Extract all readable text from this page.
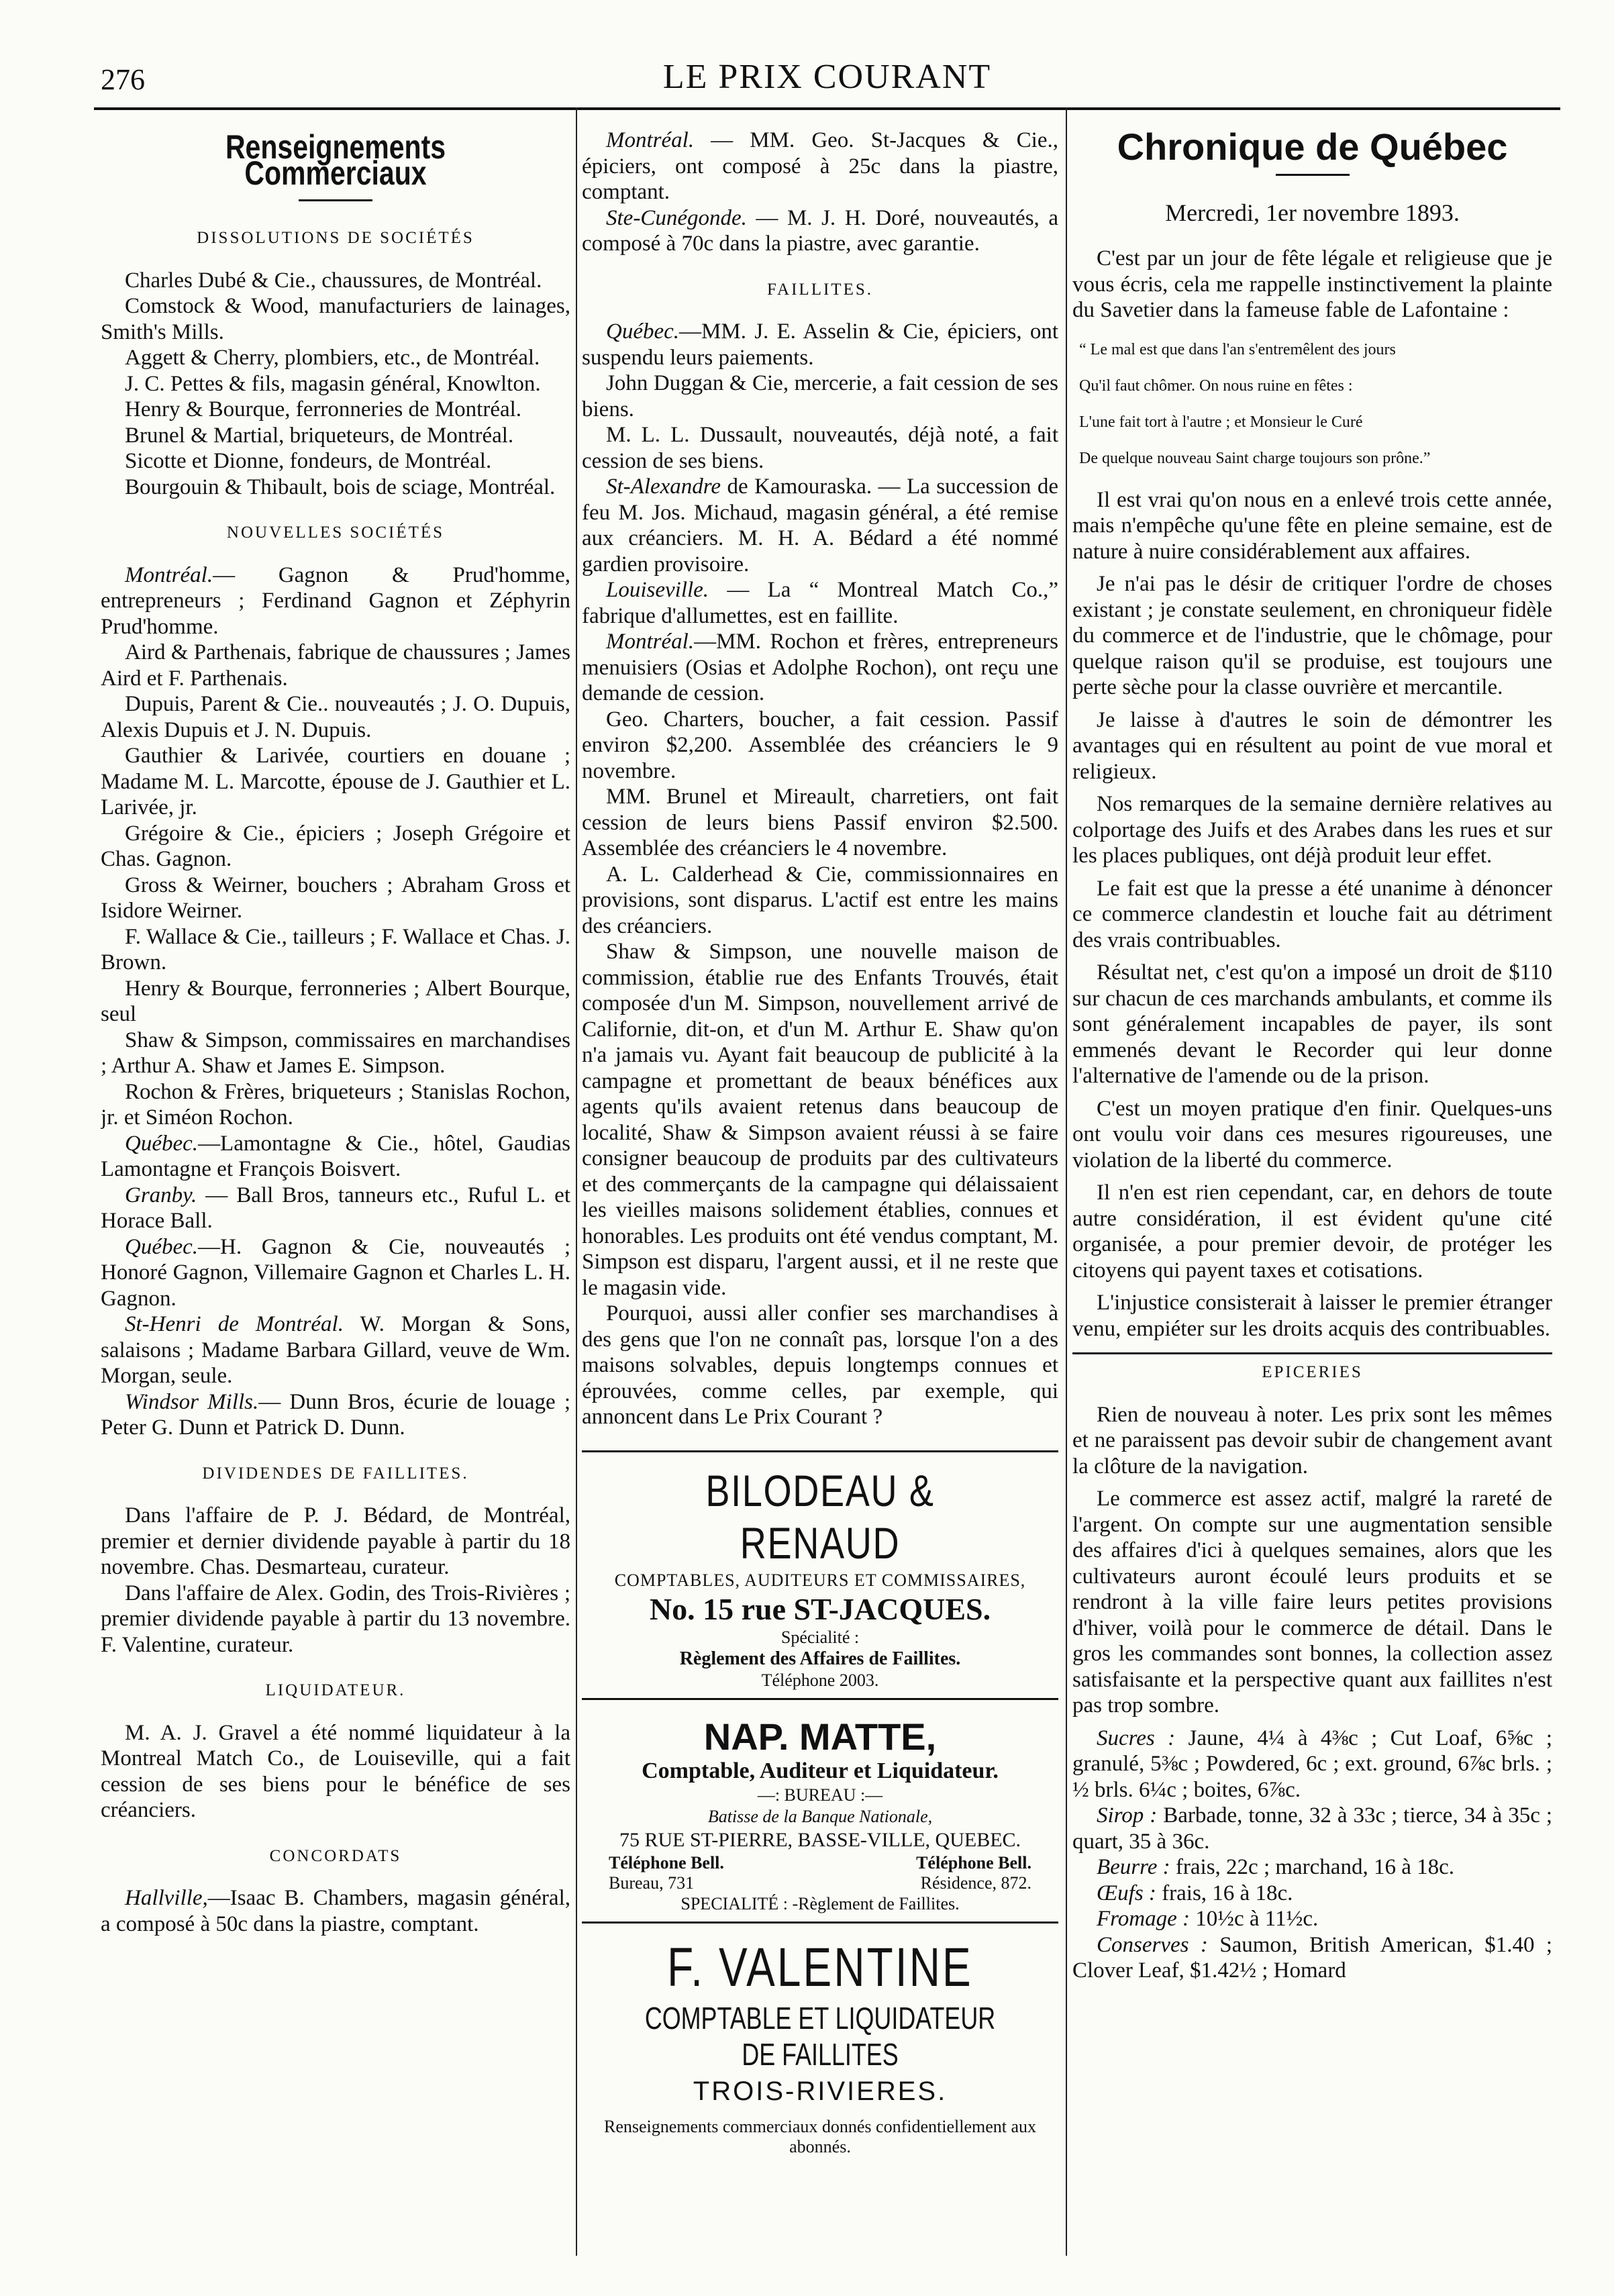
276	LE PRIX COURANT
Renseignements Commerciaux
DISSOLUTIONS DE SOCIÉTÉS

Charles Dubé & Cie., chaussures, de Montréal.

Comstock & Wood, manufacturiers de lainages, Smith's Mills.

Aggett & Cherry, plombiers, etc., de Montréal.

J. C. Pettes & fils, magasin général, Knowlton.

Henry & Bourque, ferronneries de Montréal.

Brunel & Martial, briqueteurs, de Montréal.

Sicotte et Dionne, fondeurs, de Montréal.

Bourgouin & Thibault, bois de sciage, Montréal.

NOUVELLES SOCIÉTÉS

Montréal.— Gagnon & Prud'homme, entrepreneurs ; Ferdinand Gagnon et Zéphyrin Prud'homme.

Aird & Parthenais, fabrique de chaussures ; James Aird et F. Parthenais.

Dupuis, Parent & Cie.. nouveautés ; J. O. Dupuis, Alexis Dupuis et J. N. Dupuis.

Gauthier & Larivée, courtiers en douane ; Madame M. L. Marcotte, épouse de J. Gauthier et L. Larivée, jr.

Grégoire & Cie., épiciers ; Joseph Grégoire et Chas. Gagnon.

Gross & Weirner, bouchers ; Abraham Gross et Isidore Weirner.

F. Wallace & Cie., tailleurs ; F. Wallace et Chas. J. Brown.

Henry & Bourque, ferronneries ; Albert Bourque, seul

Shaw & Simpson, commissaires en marchandises ; Arthur A. Shaw et James E. Simpson.

Rochon & Frères, briqueteurs ; Stanislas Rochon, jr. et Siméon Rochon.

Québec.—Lamontagne & Cie., hôtel, Gaudias Lamontagne et François Boisvert.

Granby. — Ball Bros, tanneurs etc., Ruful L. et Horace Ball.

Québec.—H. Gagnon & Cie, nouveautés ; Honoré Gagnon, Villemaire Gagnon et Charles L. H. Gagnon.

St-Henri de Montréal. W. Morgan & Sons, salaisons ; Madame Barbara Gillard, veuve de Wm. Morgan, seule.

Windsor Mills.— Dunn Bros, écurie de louage ; Peter G. Dunn et Patrick D. Dunn.

DIVIDENDES DE FAILLITES.

Dans l'affaire de P. J. Bédard, de Montréal, premier et dernier dividende payable à partir du 18 novembre. Chas. Desmarteau, curateur.

Dans l'affaire de Alex. Godin, des Trois-Rivières ; premier dividende payable à partir du 13 novembre. F. Valentine, curateur.

LIQUIDATEUR.

M. A. J. Gravel a été nommé liquidateur à la Montreal Match Co., de Louiseville, qui a fait cession de ses biens pour le bénéfice de ses créanciers.

CONCORDATS

Hallville,—Isaac B. Chambers, magasin général, a composé à 50c dans la piastre, comptant.

Montréal. — MM. Geo. St-Jacques & Cie., épiciers, ont composé à 25c dans la piastre, comptant.

Ste-Cunégonde. — M. J. H. Doré, nouveautés, a composé à 70c dans la piastre, avec garantie.

FAILLITES.

Québec.—MM. J. E. Asselin & Cie, épiciers, ont suspendu leurs paiements.

John Duggan & Cie, mercerie, a fait cession de ses biens.

M. L. L. Dussault, nouveautés, déjà noté, a fait cession de ses biens.

St-Alexandre de Kamouraska. — La succession de feu M. Jos. Michaud, magasin général, a été remise aux créanciers. M. H. A. Bédard a été nommé gardien provisoire.

Louiseville. — La “ Montreal Match Co.,” fabrique d'allumettes, est en faillite.

Montréal.—MM. Rochon et frères, entrepreneurs menuisiers (Osias et Adolphe Rochon), ont reçu une demande de cession.

Geo. Charters, boucher, a fait cession. Passif environ $2,200. Assemblée des créanciers le 9 novembre.

MM. Brunel et Mireault, charretiers, ont fait cession de leurs biens Passif environ $2.500. Assemblée des créanciers le 4 novembre.

A. L. Calderhead & Cie, commissionnaires en provisions, sont disparus. L'actif est entre les mains des créanciers.

Shaw & Simpson, une nouvelle maison de commission, établie rue des Enfants Trouvés, était composée d'un M. Simpson, nouvellement arrivé de Californie, dit-on, et d'un M. Arthur E. Shaw qu'on n'a jamais vu. Ayant fait beaucoup de publicité à la campagne et promettant de beaux bénéfices aux agents qu'ils avaient retenus dans beaucoup de localité, Shaw & Simpson avaient réussi à se faire consigner beaucoup de produits par des cultivateurs et des commerçants de la campagne qui délaissaient les vieilles maisons solidement établies, connues et honorables. Les produits ont été vendus comptant, M. Simpson est disparu, l'argent aussi, et il ne reste que le magasin vide.

Pourquoi, aussi aller confier ses marchandises à des gens que l'on ne connaît pas, lorsque l'on a des maisons solvables, depuis longtemps connues et éprouvées, comme celles, par exemple, qui annoncent dans Le Prix Courant ?

BILODEAU & RENAUD
COMPTABLES, AUDITEURS ET COMMISSAIRES,
No. 15 rue ST-JACQUES.
Spécialité :
Règlement des Affaires de Faillites.
Téléphone 2003.
NAP. MATTE,
Comptable, Auditeur et Liquidateur.
—: BUREAU :—
Batisse de la Banque Nationale,
75 RUE ST-PIERRE, BASSE-VILLE, QUEBEC.
Téléphone Bell.	Téléphone Bell.
Bureau, 731	Résidence, 872.
SPECIALITÉ : -Règlement de Faillites.
F. VALENTINE
COMPTABLE ET LIQUIDATEUR DE FAILLITES
TROIS-RIVIERES.
Renseignements commerciaux donnés confidentiellement aux abonnés.
Chronique de Québec
Mercredi, 1er novembre 1893.

C'est par un jour de fête légale et religieuse que je vous écris, cela me rappelle instinctivement la plainte du Savetier dans la fameuse fable de Lafontaine :

“ Le mal est que dans l'an s'entremêlent des jours

Qu'il faut chômer. On nous ruine en fêtes :

L'une fait tort à l'autre ; et Monsieur le Curé

De quelque nouveau Saint charge toujours son prône.”

Il est vrai qu'on nous en a enlevé trois cette année, mais n'empêche qu'une fête en pleine semaine, est de nature à nuire considérablement aux affaires.

Je n'ai pas le désir de critiquer l'ordre de choses existant ; je constate seulement, en chroniqueur fidèle du commerce et de l'industrie, que le chômage, pour quelque raison qu'il se produise, est toujours une perte sèche pour la classe ouvrière et mercantile.

Je laisse à d'autres le soin de démontrer les avantages qui en résultent au point de vue moral et religieux.

Nos remarques de la semaine dernière relatives au colportage des Juifs et des Arabes dans les rues et sur les places publiques, ont déjà produit leur effet.

Le fait est que la presse a été unanime à dénoncer ce commerce clandestin et louche fait au détriment des vrais contribuables.

Résultat net, c'est qu'on a imposé un droit de $110 sur chacun de ces marchands ambulants, et comme ils sont généralement incapables de payer, ils sont emmenés devant le Recorder qui leur donne l'alternative de l'amende ou de la prison.

C'est un moyen pratique d'en finir. Quelques-uns ont voulu voir dans ces mesures rigoureuses, une violation de la liberté du commerce.

Il n'en est rien cependant, car, en dehors de toute autre considération, il est évident qu'une cité organisée, a pour premier devoir, de protéger les citoyens qui payent taxes et cotisations.

L'injustice consisterait à laisser le premier étranger venu, empiéter sur les droits acquis des contribuables.

EPICERIES

Rien de nouveau à noter. Les prix sont les mêmes et ne paraissent pas devoir subir de changement avant la clôture de la navigation.

Le commerce est assez actif, malgré la rareté de l'argent. On compte sur une augmentation sensible des affaires d'ici à quelques semaines, alors que les cultivateurs auront écoulé leurs produits et se rendront à la ville faire leurs petites provisions d'hiver, voilà pour le commerce de détail. Dans le gros les commandes sont bonnes, la collection assez satisfaisante et la perspective quant aux faillites n'est pas trop sombre.

Sucres : Jaune, 4¼ à 4⅜c ; Cut Loaf, 6⅝c ; granulé, 5⅜c ; Powdered, 6c ; ext. ground, 6⅞c brls. ; ½ brls. 6¼c ; boites, 6⅞c.

Sirop : Barbade, tonne, 32 à 33c ; tierce, 34 à 35c ; quart, 35 à 36c.

Beurre : frais, 22c ; marchand, 16 à 18c.

Œufs : frais, 16 à 18c.

Fromage : 10½c à 11½c.

Conserves : Saumon, British American, $1.40 ; Clover Leaf, $1.42½ ; Homard
